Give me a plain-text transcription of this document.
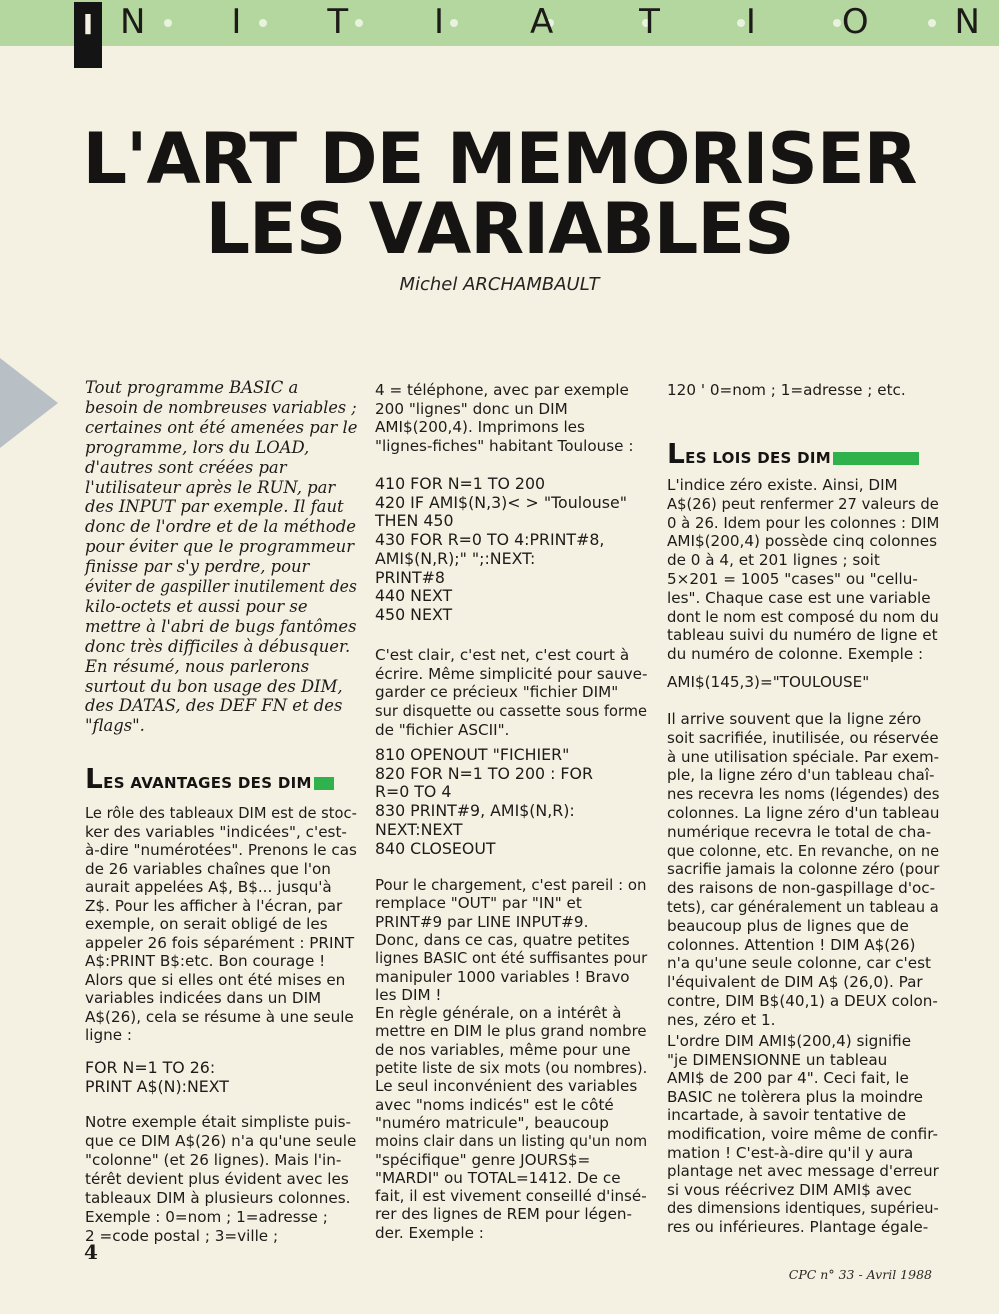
I N	I	T	I	A	T	I	O	N
L'ART DE MEMORISER
LES VARIABLES
Michel ARCHAMBAULT
Tout programme BASIC a
besoin de nombreuses variables ;
certaines ont été amenées par le
programme, lors du LOAD,
d'autres sont créées par
l'utilisateur après le RUN, par
des INPUT par exemple. Il faut
donc de l'ordre et de la méthode
pour éviter que le programmeur
finisse par s'y perdre, pour
éviter de gaspiller inutilement des
kilo-octets et aussi pour se
mettre à l'abri de bugs fantômes
donc très difficiles à débusquer.
En résumé, nous parlerons
surtout du bon usage des DIM,
des DATAS, des DEF FN et des
"flags".
LES AVANTAGES DES DIM
Le rôle des tableaux DIM est de stoc-
ker des variables "indicées", c'est-
à-dire "numérotées". Prenons le cas
de 26 variables chaînes que l'on
aurait appelées A$, B$... jusqu'à
Z$. Pour les afficher à l'écran, par
exemple, on serait obligé de les
appeler 26 fois séparément : PRINT
A$:PRINT B$:etc. Bon courage !
Alors que si elles ont été mises en
variables indicées dans un DIM
A$(26), cela se résume à une seule
ligne :
FOR N=1 TO 26:
PRINT A$(N):NEXT
Notre exemple était simpliste puis-
que ce DIM A$(26) n'a qu'une seule
"colonne" (et 26 lignes). Mais l'in-
térêt devient plus évident avec les
tableaux DIM à plusieurs colonnes.
Exemple : 0=nom ; 1=adresse ;
2 =code postal ; 3=ville ;
4 = téléphone, avec par exemple
200 "lignes" donc un DIM
AMI$(200,4). Imprimons les
"lignes-fiches" habitant Toulouse :
410 FOR N=1 TO 200
420 IF AMI$(N,3)< > "Toulouse"
THEN 450
430 FOR R=0 TO 4:PRINT#8,
AMI$(N,R);" ";:NEXT:
PRINT#8
440 NEXT
450 NEXT
C'est clair, c'est net, c'est court à
écrire. Même simplicité pour sauve-
garder ce précieux "fichier DIM"
sur disquette ou cassette sous forme
de "fichier ASCII".
810 OPENOUT "FICHIER"
820 FOR N=1 TO 200 : FOR
R=0 TO 4
830 PRINT#9, AMI$(N,R):
NEXT:NEXT
840 CLOSEOUT
Pour le chargement, c'est pareil : on
remplace "OUT" par "IN" et
PRINT#9 par LINE INPUT#9.
Donc, dans ce cas, quatre petites
lignes BASIC ont été suffisantes pour
manipuler 1000 variables ! Bravo
les DIM !
En règle générale, on a intérêt à
mettre en DIM le plus grand nombre
de nos variables, même pour une
petite liste de six mots (ou nombres).
Le seul inconvénient des variables
avec "noms indicés" est le côté
"numéro matricule", beaucoup
moins clair dans un listing qu'un nom
"spécifique" genre JOURS$=
"MARDI" ou TOTAL=1412. De ce
fait, il est vivement conseillé d'insé-
rer des lignes de REM pour légen-
der. Exemple :
120 ' 0=nom ; 1=adresse ; etc.
LES LOIS DES DIM
L'indice zéro existe. Ainsi, DIM
A$(26) peut renfermer 27 valeurs de
0 à 26. Idem pour les colonnes : DIM
AMI$(200,4) possède cinq colonnes
de 0 à 4, et 201 lignes ; soit
5×201 = 1005 "cases" ou "cellu-
les". Chaque case est une variable
dont le nom est composé du nom du
tableau suivi du numéro de ligne et
du numéro de colonne. Exemple :
AMI$(145,3)="TOULOUSE"
Il arrive souvent que la ligne zéro
soit sacrifiée, inutilisée, ou réservée
à une utilisation spéciale. Par exem-
ple, la ligne zéro d'un tableau chaî-
nes recevra les noms (légendes) des
colonnes. La ligne zéro d'un tableau
numérique recevra le total de cha-
que colonne, etc. En revanche, on ne
sacrifie jamais la colonne zéro (pour
des raisons de non-gaspillage d'oc-
tets), car généralement un tableau a
beaucoup plus de lignes que de
colonnes. Attention ! DIM A$(26)
n'a qu'une seule colonne, car c'est
l'équivalent de DIM A$ (26,0). Par
contre, DIM B$(40,1) a DEUX colon-
nes, zéro et 1.
L'ordre DIM AMI$(200,4) signifie
"je DIMENSIONNE un tableau
AMI$ de 200 par 4". Ceci fait, le
BASIC ne tolèrera plus la moindre
incartade, à savoir tentative de
modification, voire même de confir-
mation ! C'est-à-dire qu'il y aura
plantage net avec message d'erreur
si vous réécrivez DIM AMI$ avec
des dimensions identiques, supérieu-
res ou inférieures. Plantage égale-
4
CPC n° 33 - Avril 1988
